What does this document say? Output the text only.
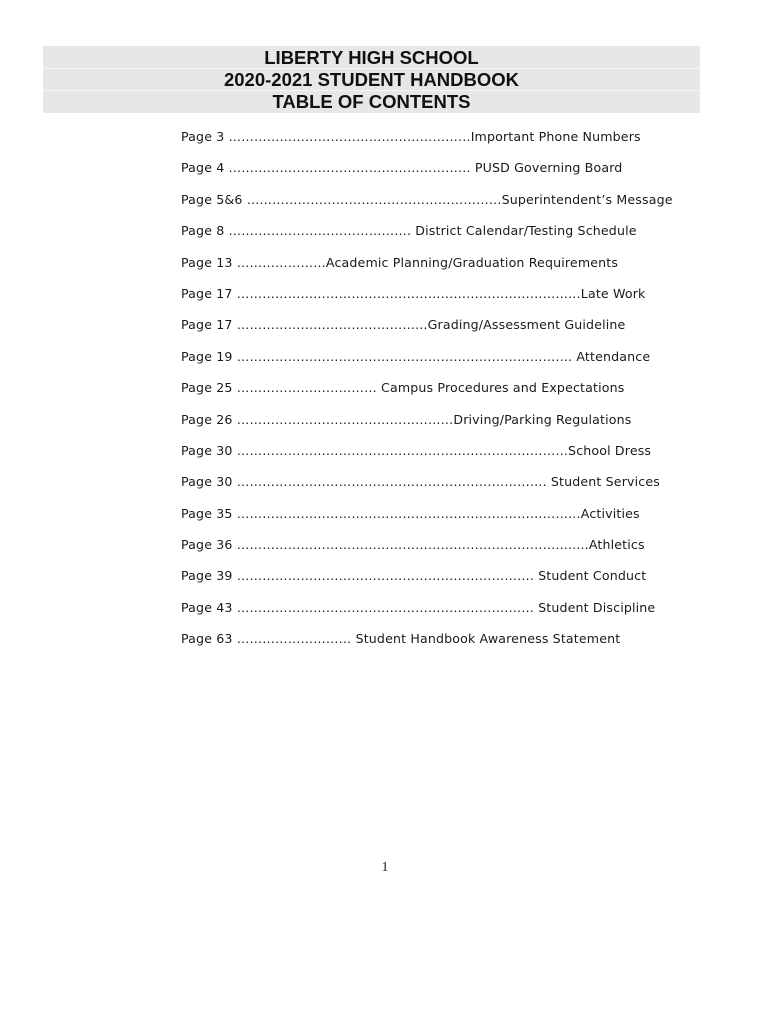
LIBERTY HIGH SCHOOL
2020-2021 STUDENT HANDBOOK
TABLE OF CONTENTS
Page 3 …………………………………………………Important Phone Numbers
Page 4 ………………………………………………… PUSD Governing Board
Page 5&6 ……………………………………………………Superintendent’s Message
Page 8 ……………………………………. District Calendar/Testing Schedule
Page 13 …………………Academic Planning/Graduation Requirements
Page 17 ………………………………………………………………………Late Work
Page 17 ……………………………………...Grading/Assessment Guideline
Page 19 ……………………………………………………………………. Attendance
Page 25 …………………………… Campus Procedures and Expectations
Page 26 ……………………………………………Driving/Parking Regulations
Page 30 ……………………………………………………………………School Dress
Page 30 ………………………………………………………………. Student Services
Page 35 ………………………………………………………………………Activities
Page 36 …………………………………………………………………….....Athletics
Page 39 ……………………………………………………………. Student Conduct
Page 43 ……………………………………………………….…… Student Discipline
Page 63 ……………………… Student Handbook Awareness Statement
1
